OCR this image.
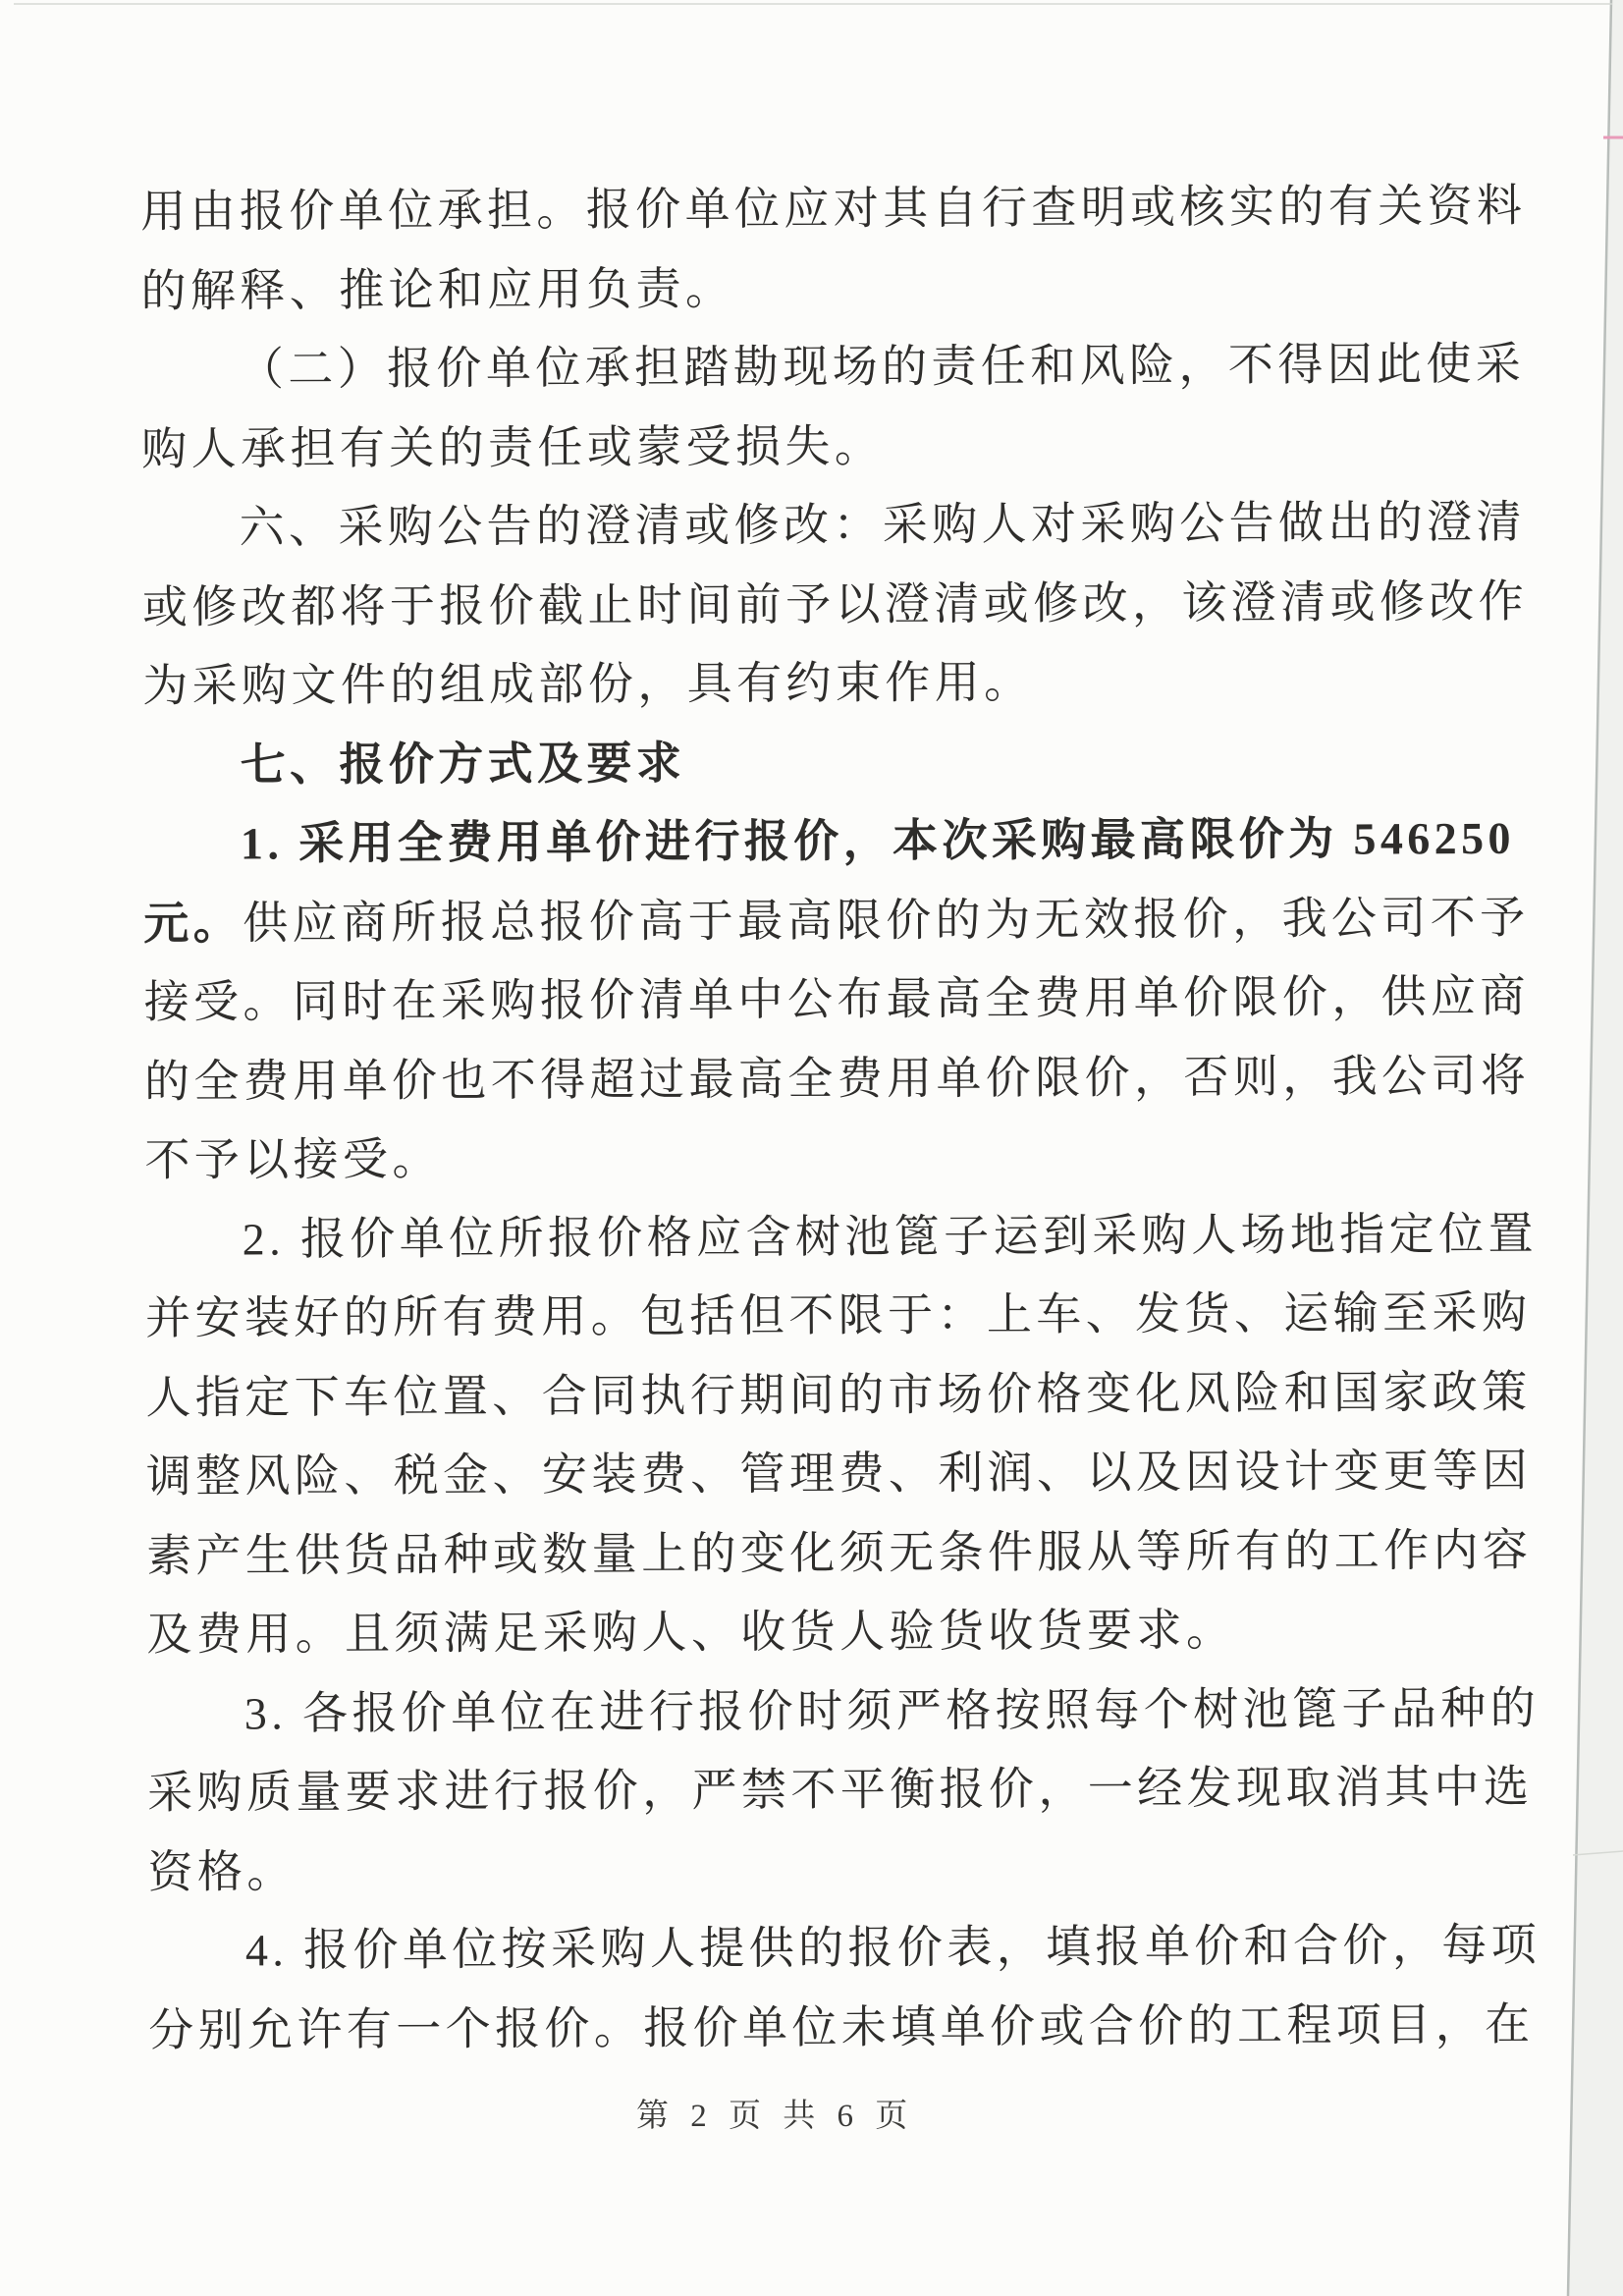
用由报价单位承担。报价单位应对其自行查明或核实的有关资料
的解释、推论和应用负责。
（二）报价单位承担踏勘现场的责任和风险，不得因此使采
购人承担有关的责任或蒙受损失。
六、采购公告的澄清或修改：采购人对采购公告做出的澄清
或修改都将于报价截止时间前予以澄清或修改，该澄清或修改作
为采购文件的组成部份，具有约束作用。
七、报价方式及要求
1. 采用全费用单价进行报价，本次采购最高限价为 546250
元。供应商所报总报价高于最高限价的为无效报价，我公司不予
接受。同时在采购报价清单中公布最高全费用单价限价，供应商
的全费用单价也不得超过最高全费用单价限价，否则，我公司将
不予以接受。
2. 报价单位所报价格应含树池篦子运到采购人场地指定位置
并安装好的所有费用。包括但不限于：上车、发货、运输至采购
人指定下车位置、合同执行期间的市场价格变化风险和国家政策
调整风险、税金、安装费、管理费、利润、以及因设计变更等因
素产生供货品种或数量上的变化须无条件服从等所有的工作内容
及费用。且须满足采购人、收货人验货收货要求。
3. 各报价单位在进行报价时须严格按照每个树池篦子品种的
采购质量要求进行报价，严禁不平衡报价，一经发现取消其中选
资格。
4. 报价单位按采购人提供的报价表，填报单价和合价，每项
分别允许有一个报价。报价单位未填单价或合价的工程项目，在
第 2 页 共 6 页
